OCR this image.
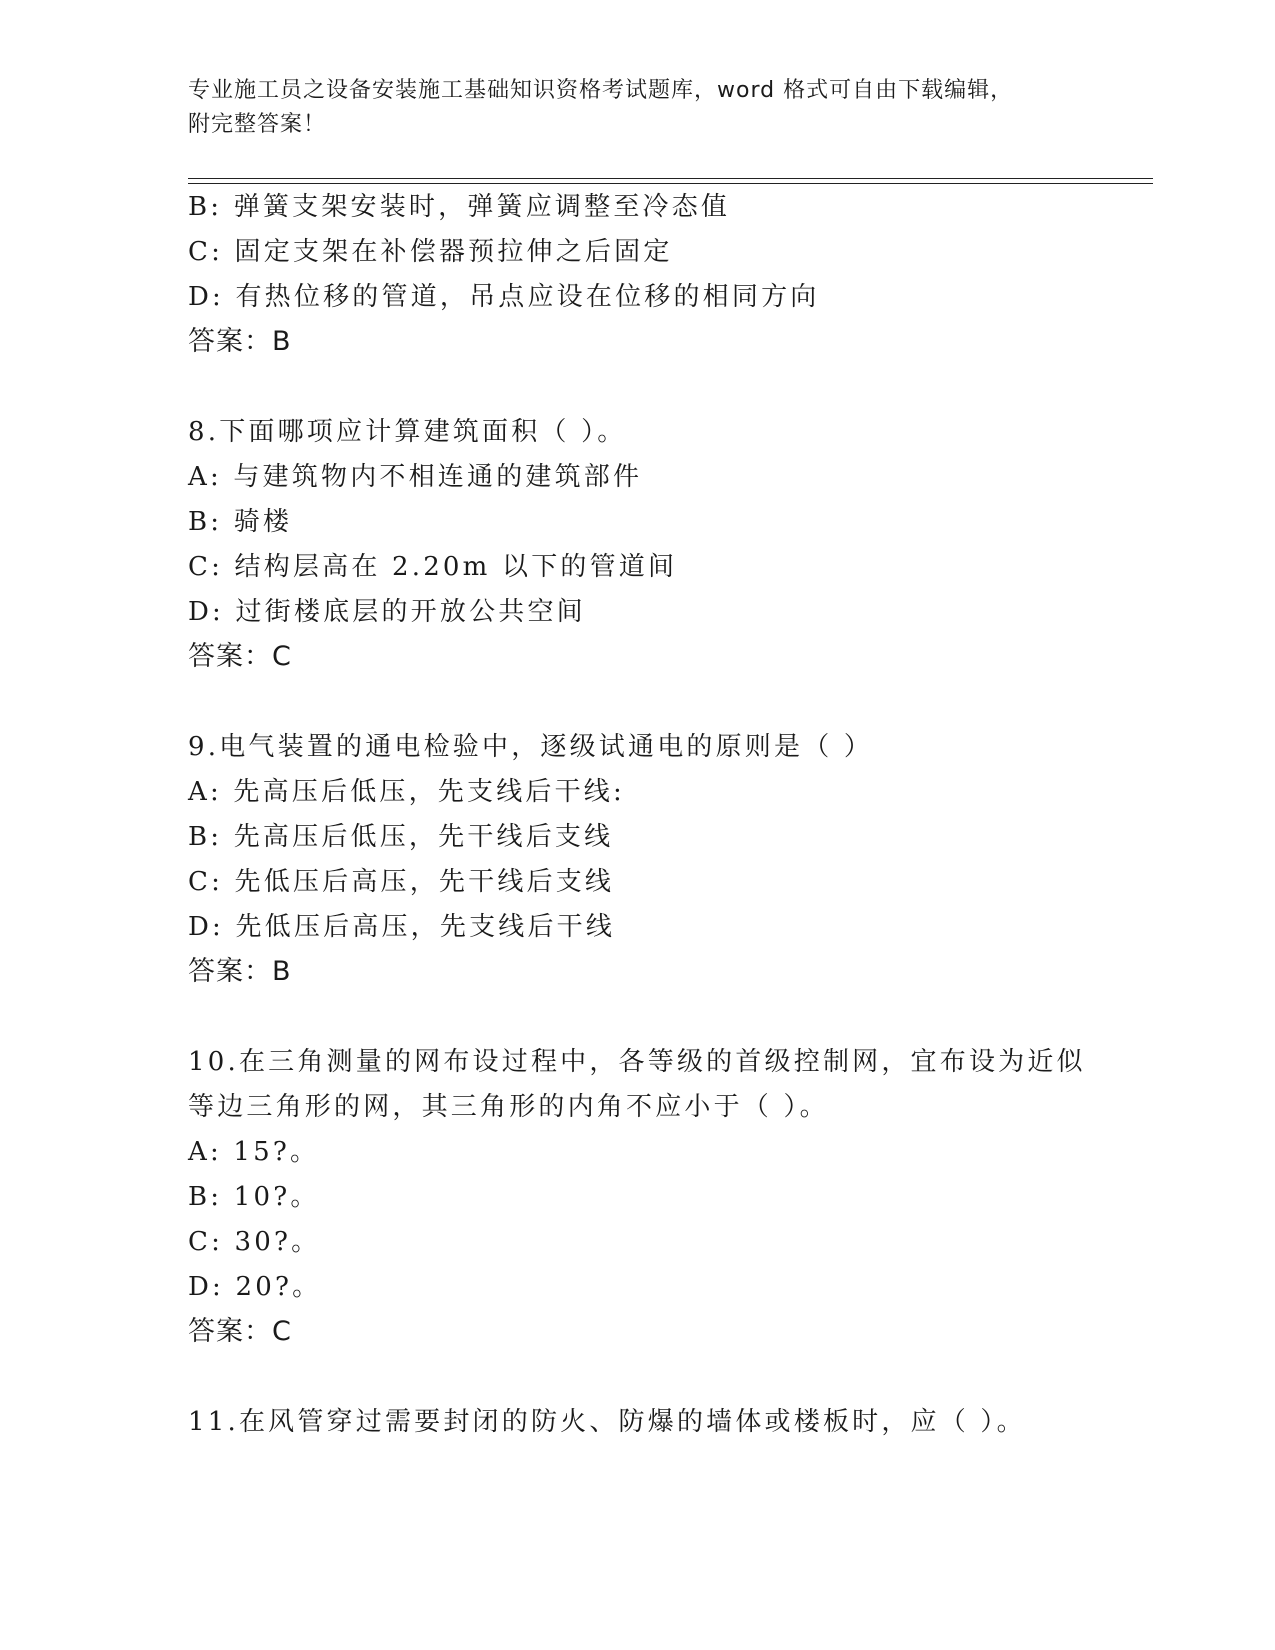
专业施工员之设备安装施工基础知识资格考试题库，word 格式可自由下载编辑，
附完整答案！
B: 弹簧支架安装时，弹簧应调整至冷态值
C: 固定支架在补偿器预拉伸之后固定
D: 有热位移的管道，吊点应设在位移的相同方向
答案：B
8.下面哪项应计算建筑面积（ ）。
A: 与建筑物内不相连通的建筑部件
B: 骑楼
C: 结构层高在 2.20m 以下的管道间
D: 过街楼底层的开放公共空间
答案：C
9.电气装置的通电检验中，逐级试通电的原则是（ ）
A: 先高压后低压，先支线后干线:
B: 先高压后低压，先干线后支线
C: 先低压后高压，先干线后支线
D: 先低压后高压，先支线后干线
答案：B
10.在三角测量的网布设过程中，各等级的首级控制网，宜布设为近似
等边三角形的网，其三角形的内角不应小于（ ）。
A: 15?。
B: 10?。
C: 30?。
D: 20?。
答案：C
11.在风管穿过需要封闭的防火、防爆的墙体或楼板时，应（ ）。
